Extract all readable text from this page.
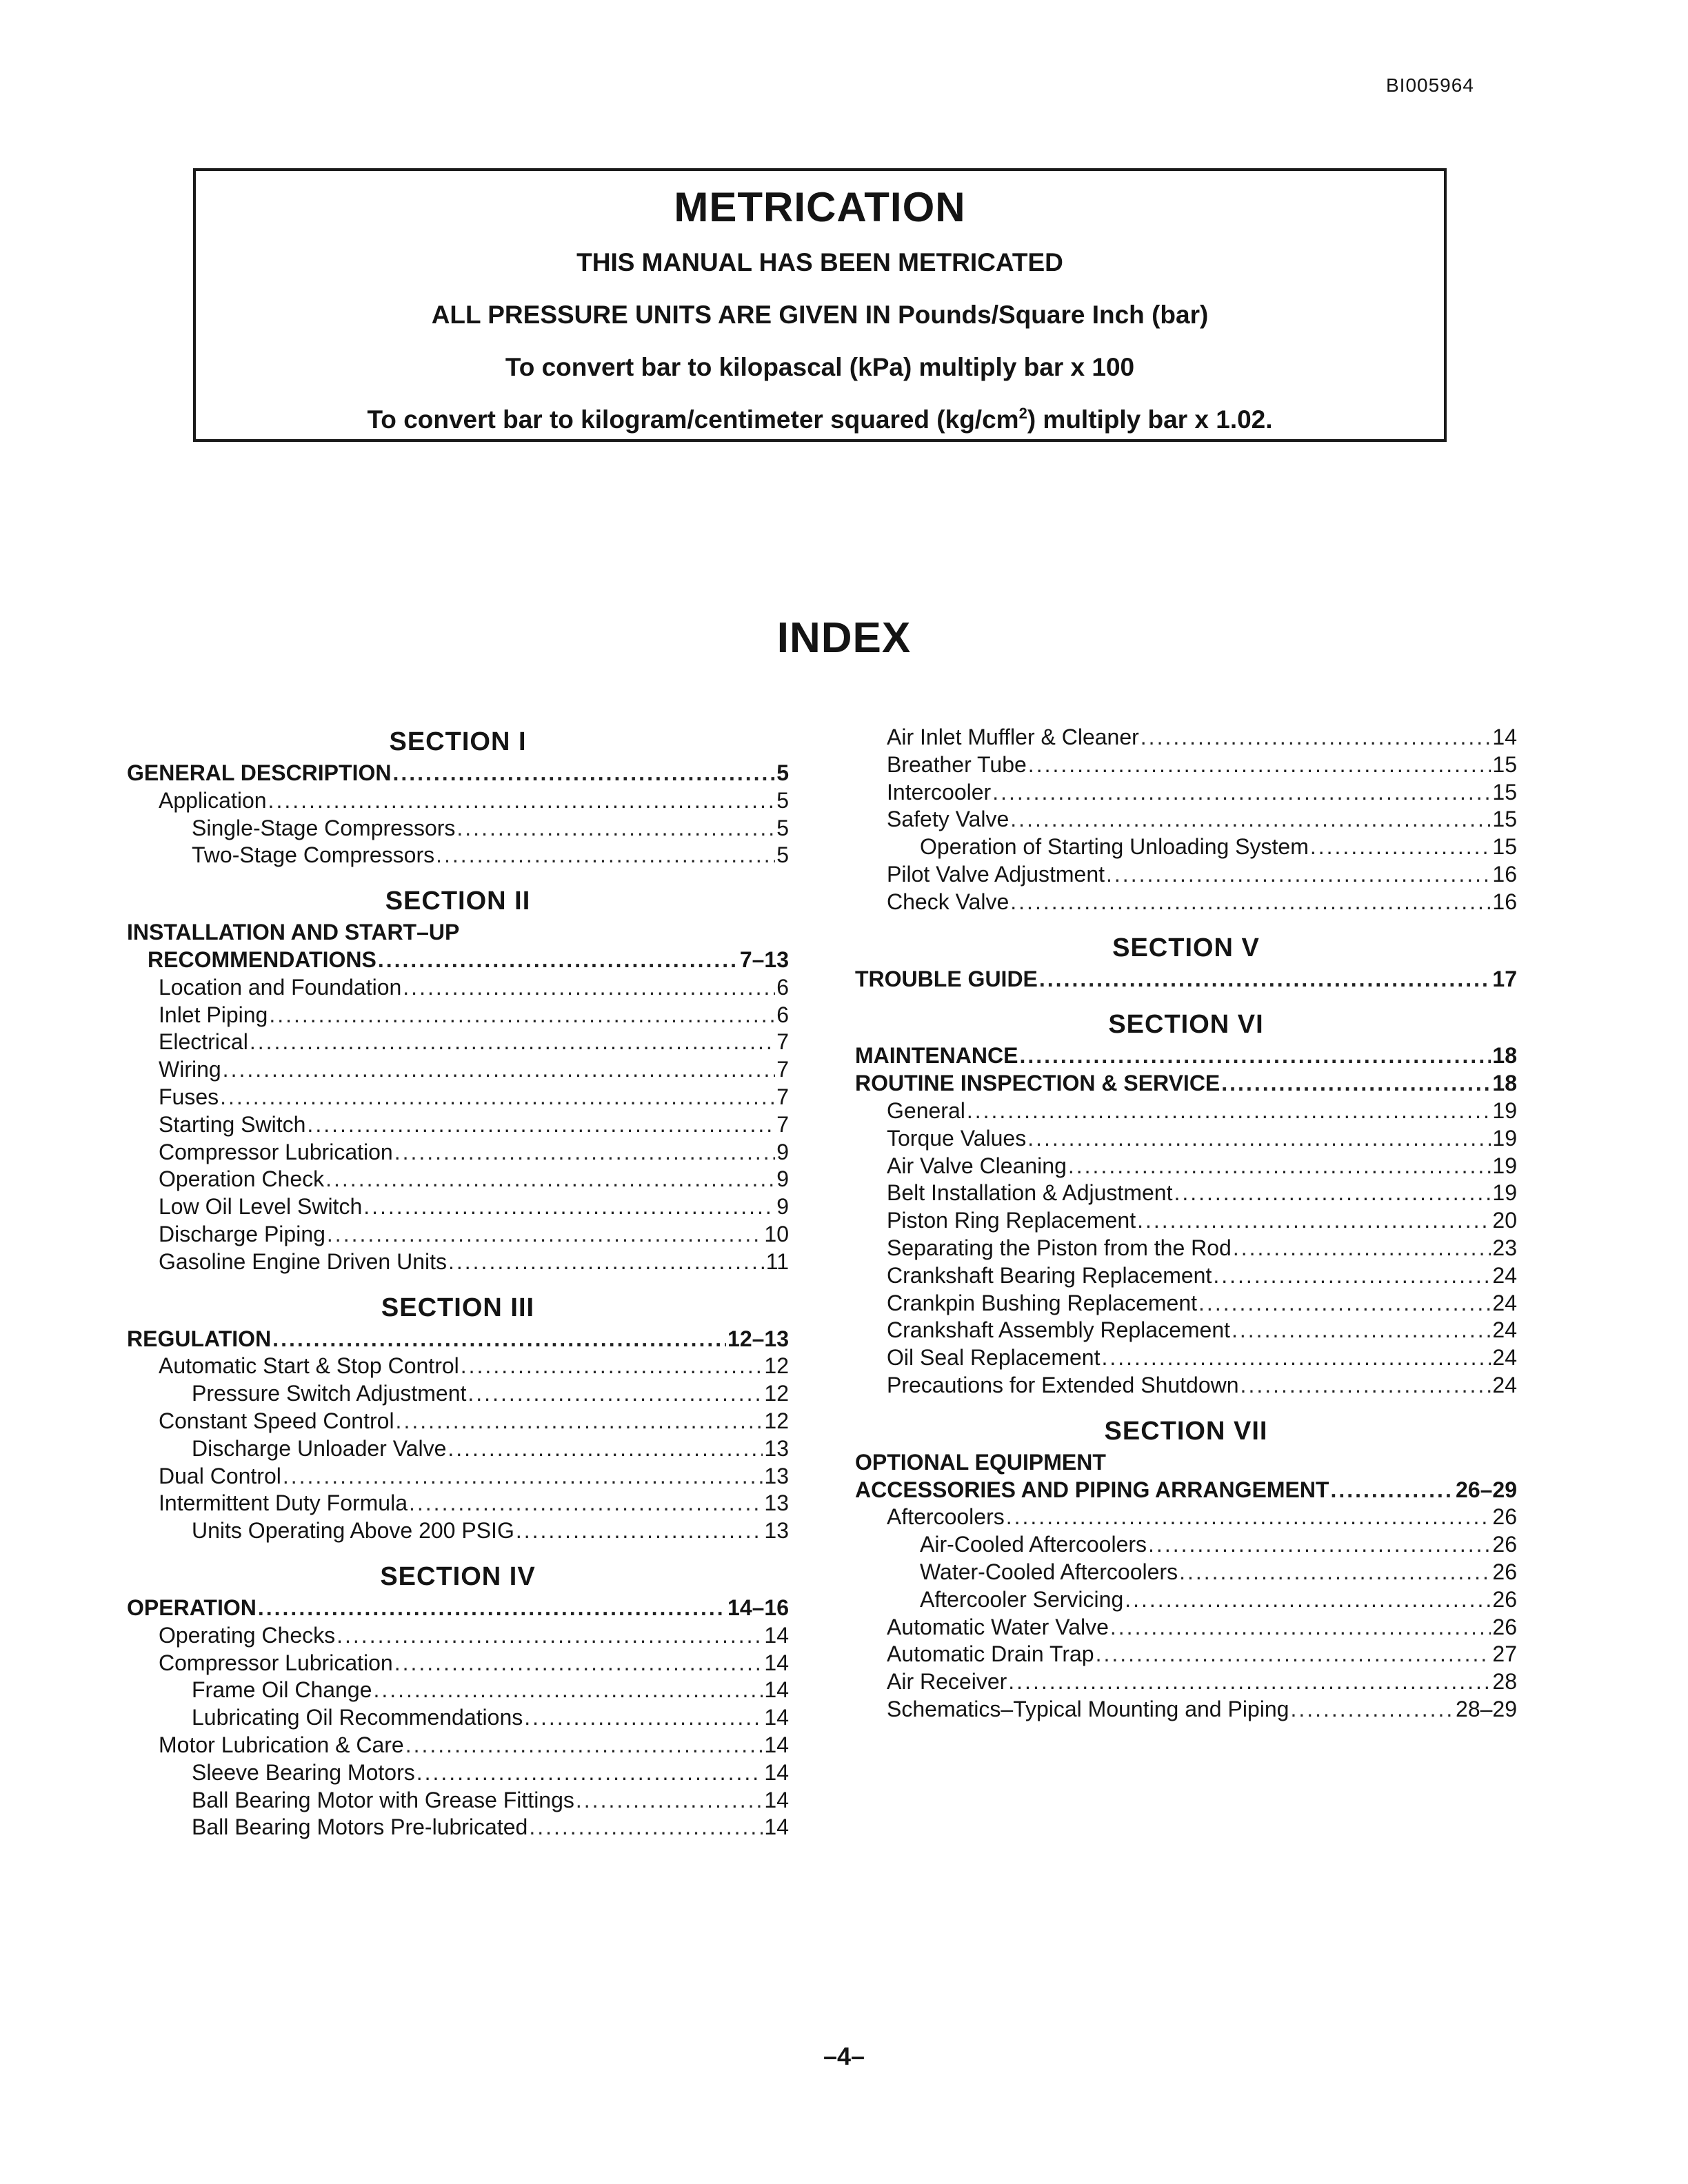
BI005964
METRICATION
THIS MANUAL HAS BEEN METRICATED
ALL PRESSURE UNITS ARE GIVEN IN Pounds/Square Inch (bar)
To convert bar to kilopascal (kPa) multiply bar x 100
To convert bar to kilogram/centimeter squared $(kg/cm^2)$ multiply bar x 1.02.
INDEX
SECTION I
GENERAL DESCRIPTION .....	5
Application .....	5
Single-Stage Compressors .....	5
Two-Stage Compressors .....	5
SECTION II
INSTALLATION AND START–UP
RECOMMENDATIONS .....	7–13
Location and Foundation .....	6
Inlet Piping .....	6
Electrical .....	7
Wiring .....	7
Fuses .....	7
Starting Switch .....	7
Compressor Lubrication .....	9
Operation Check .....	9
Low Oil Level Switch .....	9
Discharge Piping .....	10
Gasoline Engine Driven Units .....	11
SECTION III
REGULATION .....	12–13
Automatic Start & Stop Control .....	12
Pressure Switch Adjustment .....	12
Constant Speed Control .....	12
Discharge Unloader Valve .....	13
Dual Control .....	13
Intermittent Duty Formula .....	13
Units Operating Above 200 PSIG .....	13
SECTION IV
OPERATION .....	14–16
Operating Checks .....	14
Compressor Lubrication .....	14
Frame Oil Change .....	14
Lubricating Oil Recommendations .....	14
Motor Lubrication & Care .....	14
Sleeve Bearing Motors .....	14
Ball Bearing Motor with Grease Fittings .....	14
Ball Bearing Motors Pre-lubricated .....	14
Air Inlet Muffler & Cleaner .....	14
Breather Tube .....	15
Intercooler .....	15
Safety Valve .....	15
Operation of Starting Unloading System .....	15
Pilot Valve Adjustment .....	16
Check Valve .....	16
SECTION V
TROUBLE GUIDE .....	17
SECTION VI
MAINTENANCE .....	18
ROUTINE INSPECTION & SERVICE .....	18
General .....	19
Torque Values .....	19
Air Valve Cleaning .....	19
Belt Installation & Adjustment .....	19
Piston Ring Replacement .....	20
Separating the Piston from the Rod .....	23
Crankshaft Bearing Replacement .....	24
Crankpin Bushing Replacement .....	24
Crankshaft Assembly Replacement .....	24
Oil Seal Replacement .....	24
Precautions for Extended Shutdown .....	24
SECTION VII
OPTIONAL EQUIPMENT
ACCESSORIES AND PIPING ARRANGEMENT .....	26–29
Aftercoolers .....	26
Air-Cooled Aftercoolers .....	26
Water-Cooled Aftercoolers .....	26
Aftercooler Servicing .....	26
Automatic Water Valve .....	26
Automatic Drain Trap .....	27
Air Receiver .....	28
Schematics–Typical Mounting and Piping .....	28–29
–4–
